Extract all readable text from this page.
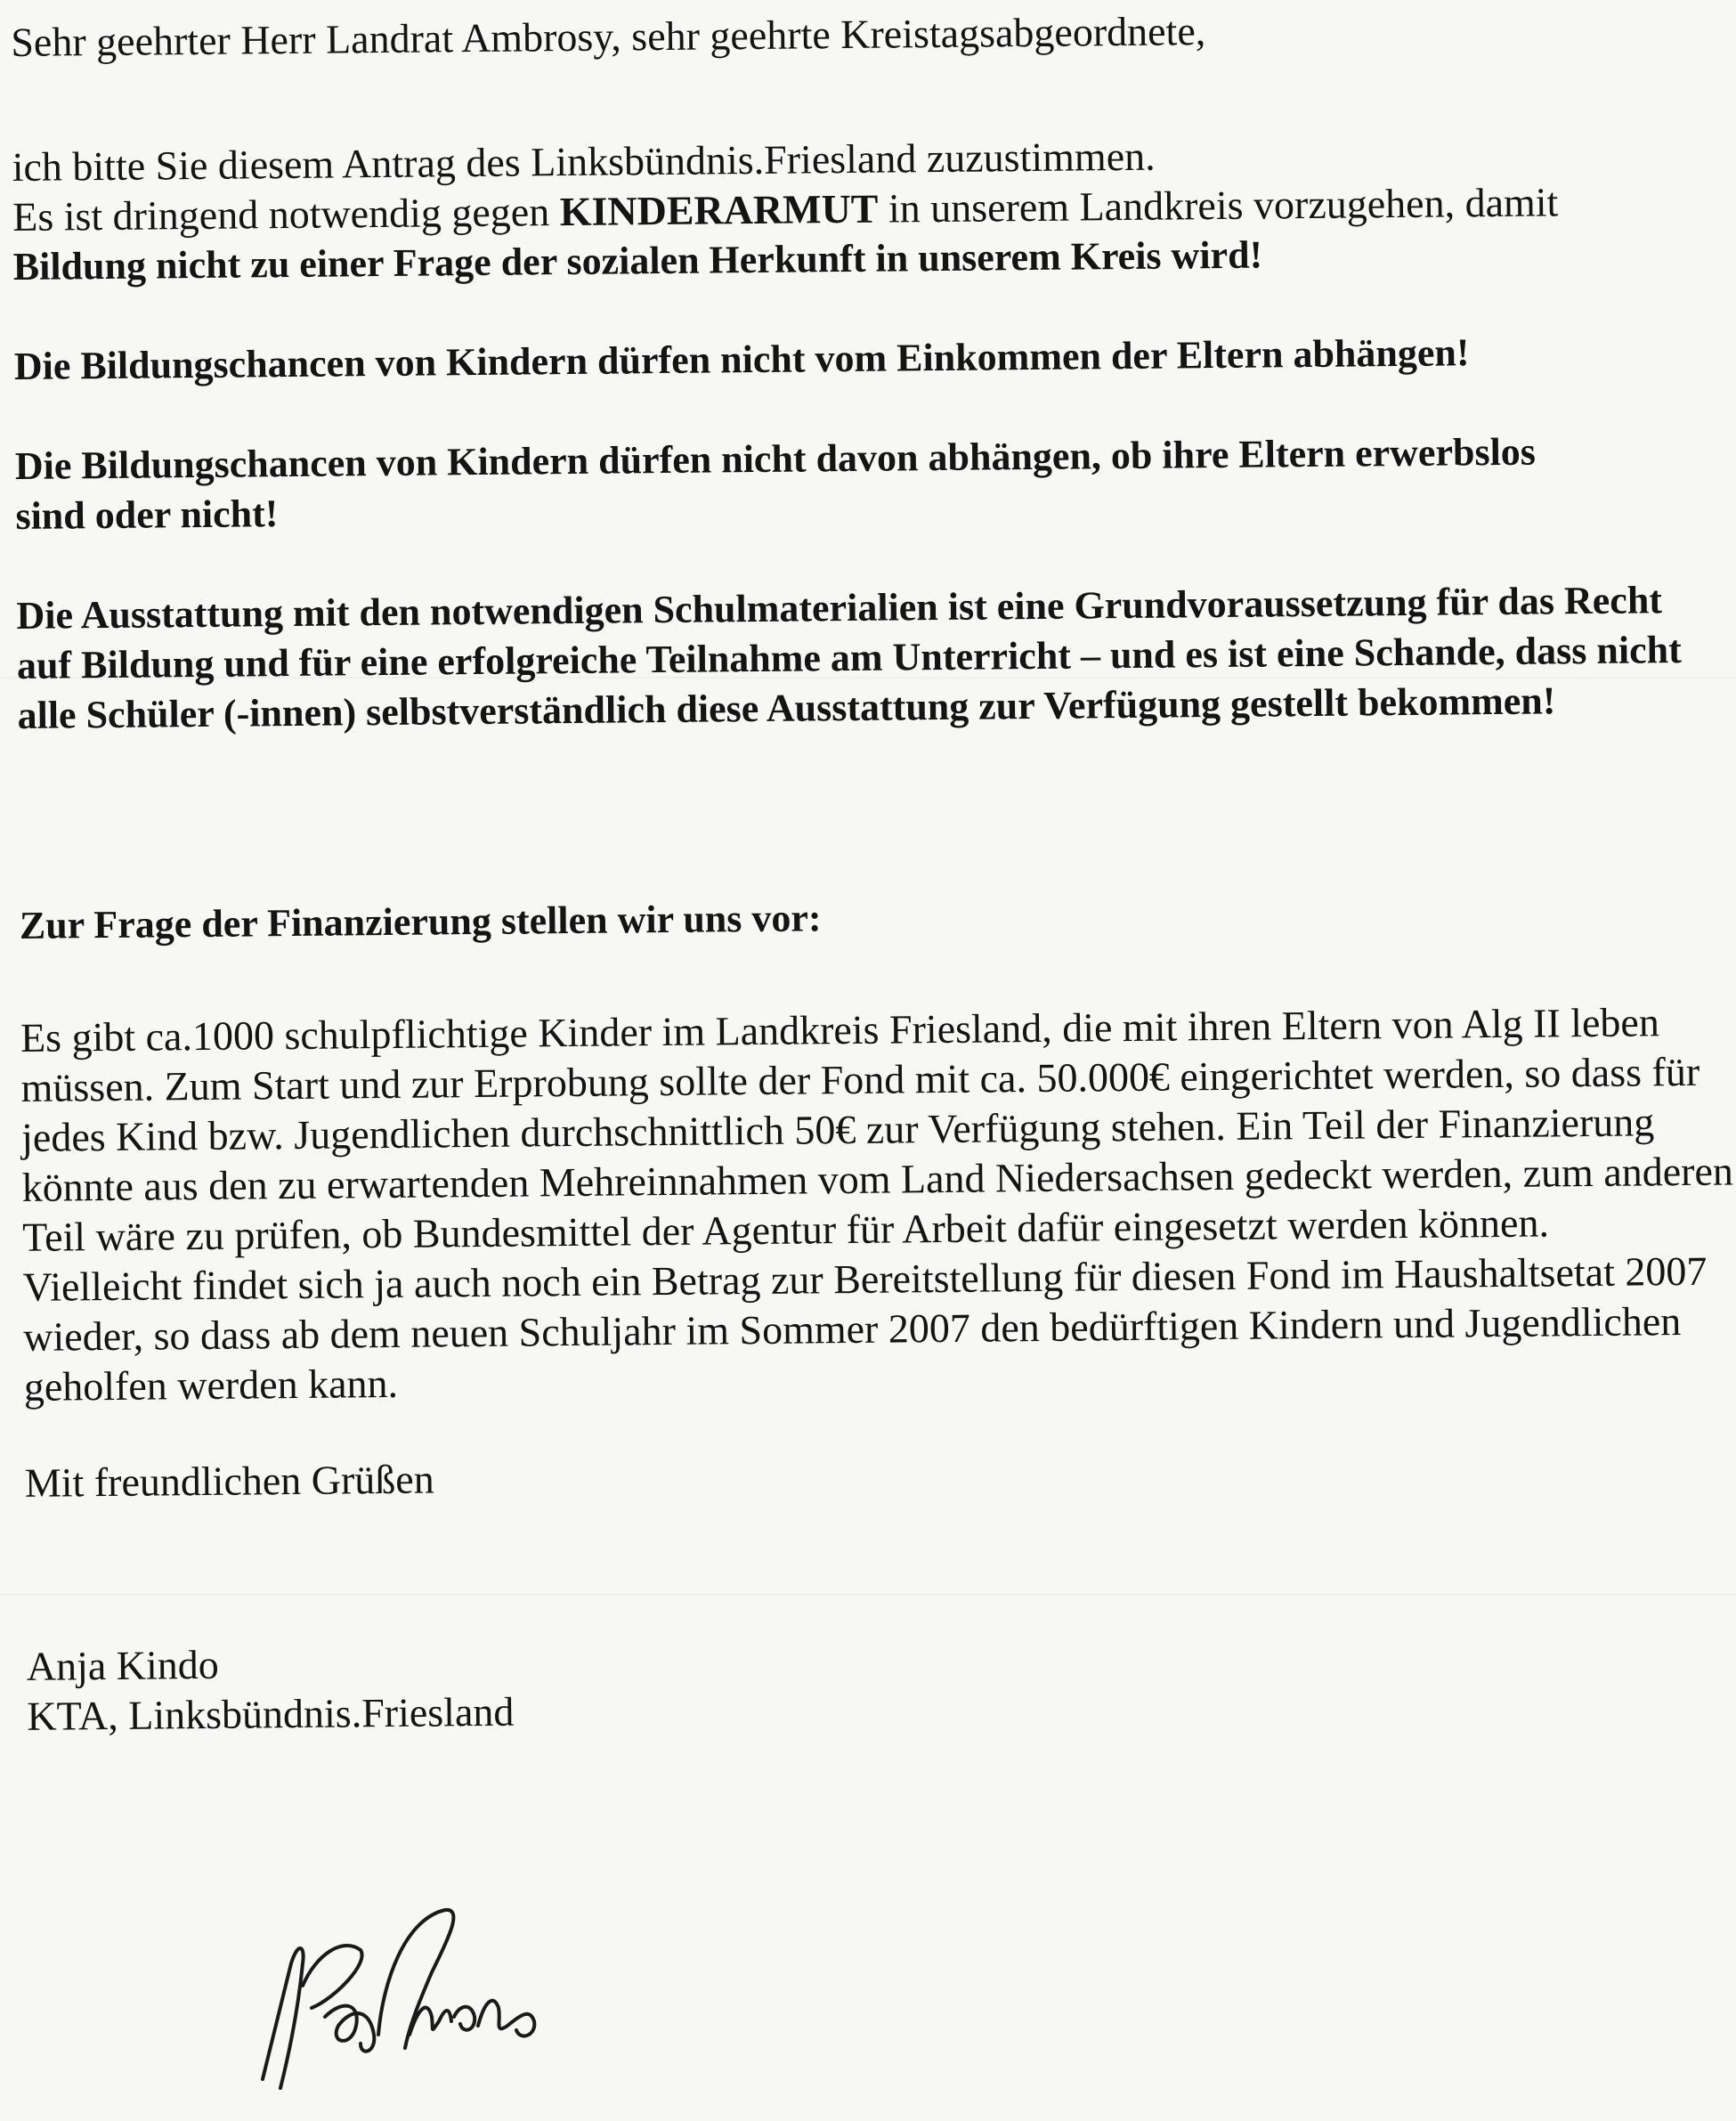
Sehr geehrter Herr Landrat Ambrosy, sehr geehrte Kreistagsabgeordnete,

ich bitte Sie diesem Antrag des Linksbündnis.Friesland zuzustimmen.

Es ist dringend notwendig gegen KINDERARMUT in unserem Landkreis vorzugehen, damit

Bildung nicht zu einer Frage der sozialen Herkunft in unserem Kreis wird!

Die Bildungschancen von Kindern dürfen nicht vom Einkommen der Eltern abhängen!

Die Bildungschancen von Kindern dürfen nicht davon abhängen, ob ihre Eltern erwerbslos sind oder nicht!

Die Ausstattung mit den notwendigen Schulmaterialien ist eine Grundvoraussetzung für das Recht auf Bildung und für eine erfolgreiche Teilnahme am Unterricht – und es ist eine Schande, dass nicht alle Schüler (-innen) selbstverständlich diese Ausstattung zur Verfügung gestellt bekommen!

Zur Frage der Finanzierung stellen wir uns vor:

Es gibt ca.1000 schulpflichtige Kinder im Landkreis Friesland, die mit ihren Eltern von Alg II leben müssen. Zum Start und zur Erprobung sollte der Fond mit ca. 50.000€ eingerichtet werden, so dass für jedes Kind bzw. Jugendlichen durchschnittlich 50€ zur Verfügung stehen. Ein Teil der Finanzierung könnte aus den zu erwartenden Mehreinnahmen vom Land Niedersachsen gedeckt werden, zum anderen Teil wäre zu prüfen, ob Bundesmittel der Agentur für Arbeit dafür eingesetzt werden können.

Vielleicht findet sich ja auch noch ein Betrag zur Bereitstellung für diesen Fond im Haushaltsetat 2007 wieder, so dass ab dem neuen Schuljahr im Sommer 2007 den bedürftigen Kindern und Jugendlichen geholfen werden kann.

Mit freundlichen Grüßen

Anja Kindo

KTA, Linksbündnis.Friesland
